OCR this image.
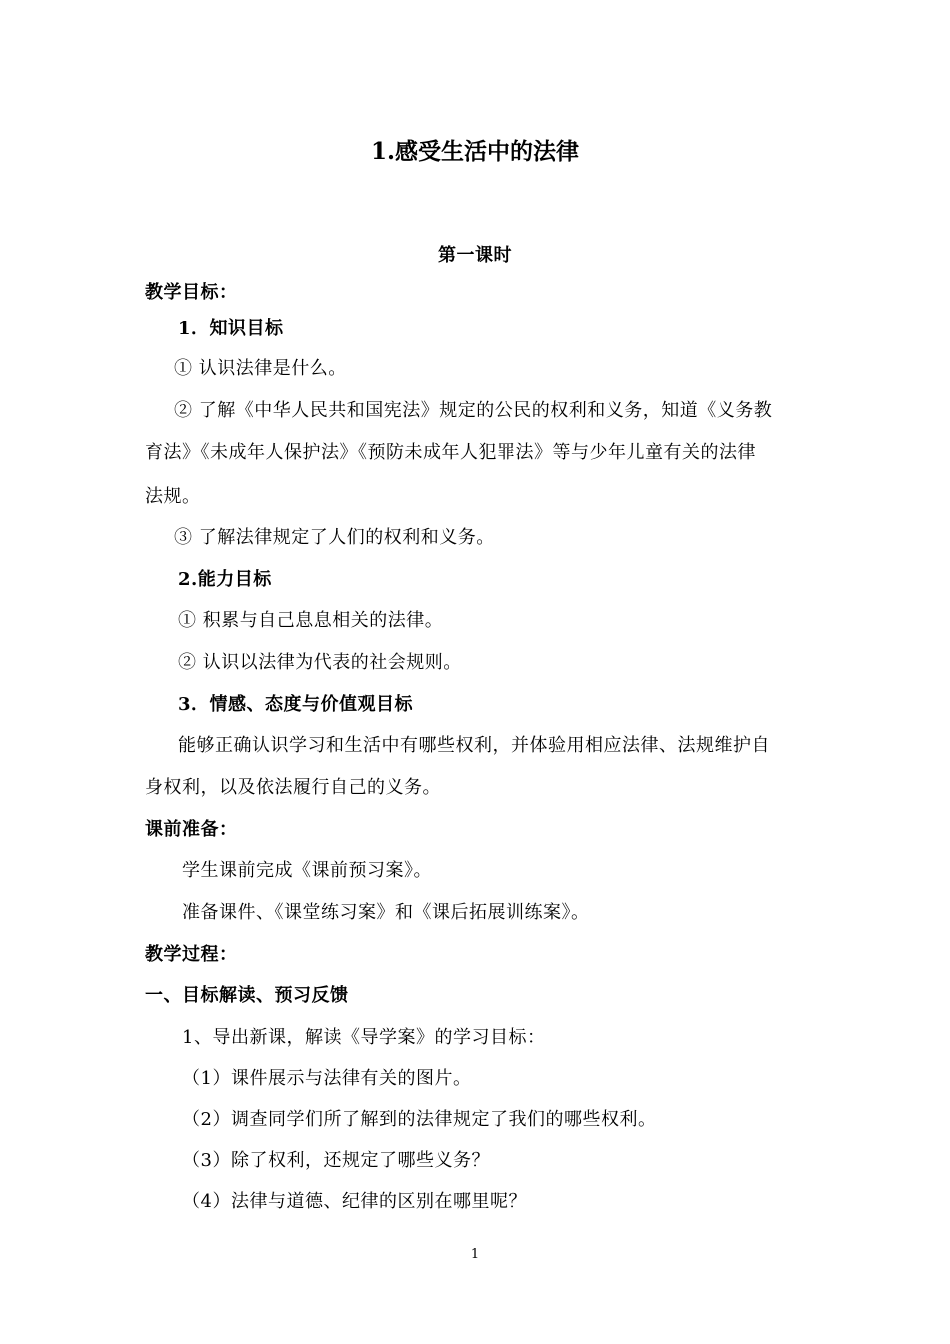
1.感受生活中的法律
第一课时
教学目标：
1．知识目标
① 认识法律是什么。
② 了解《中华人民共和国宪法》规定的公民的权利和义务，知道《义务教
育法》《未成年人保护法》《预防未成年人犯罪法》等与少年儿童有关的法律
法规。
③ 了解法律规定了人们的权利和义务。
2.能力目标
① 积累与自己息息相关的法律。
② 认识以法律为代表的社会规则。
3．情感、态度与价值观目标
能够正确认识学习和生活中有哪些权利，并体验用相应法律、法规维护自
身权利，以及依法履行自己的义务。
课前准备：
学生课前完成《课前预习案》。
准备课件、《课堂练习案》和《课后拓展训练案》。
教学过程：
一、目标解读、预习反馈
1、导出新课，解读《导学案》的学习目标：
（1）课件展示与法律有关的图片。
（2）调查同学们所了解到的法律规定了我们的哪些权利。
（3）除了权利，还规定了哪些义务？
（4）法律与道德、纪律的区别在哪里呢？
1
